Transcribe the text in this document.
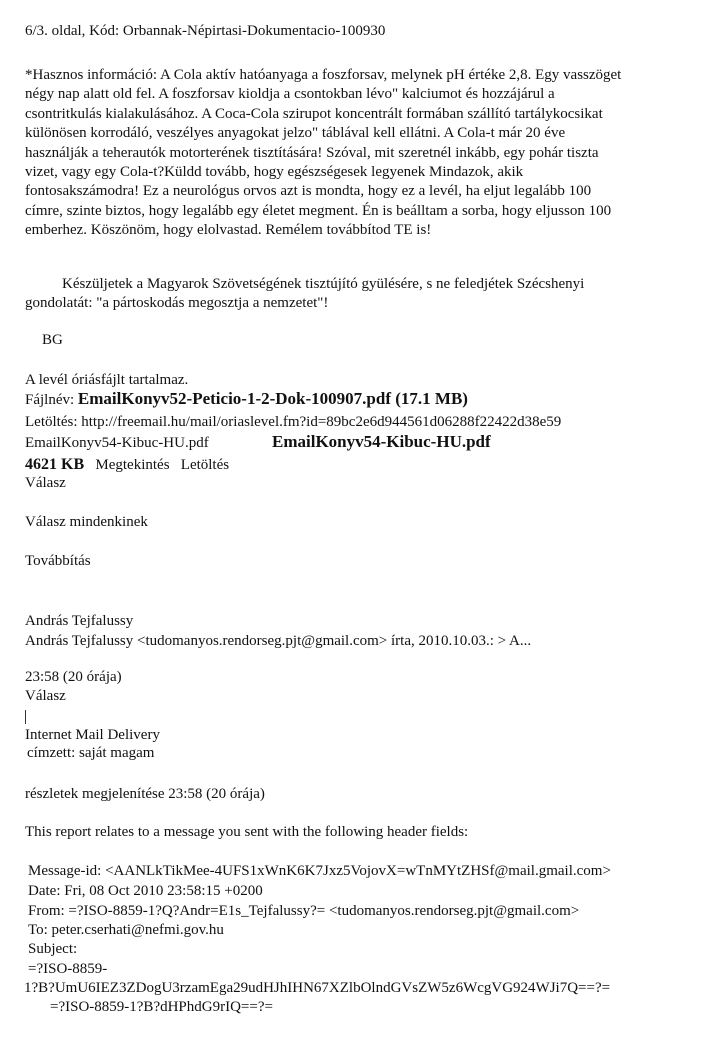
6/3. oldal, Kód: Orbannak-Népirtasi-Dokumentacio-100930
*Hasznos információ: A Cola aktív hatóanyaga a foszforsav, melynek pH értéke 2,8. Egy vasszöget
négy nap alatt old fel. A foszforsav kioldja a csontokban lévo" kalciumot és hozzájárul a
csontritkulás kialakulásához. A Coca-Cola szirupot koncentrált formában szállító tartálykocsikat
különösen korrodáló, veszélyes anyagokat jelzo" táblával kell ellátni. A Cola-t már 20 éve
használják a teherautók motorterének tisztítására! Szóval, mit szeretnél inkább, egy pohár tiszta
vizet, vagy egy Cola-t?Küldd tovább, hogy egészségesek legyenek Mindazok, akik
fontosakszámodra! Ez a neurológus orvos azt is mondta, hogy ez a levél, ha eljut legalább 100
címre, szinte biztos, hogy legalább egy életet megment. Én is beálltam a sorba, hogy eljusson 100
emberhez. Köszönöm, hogy elolvastad. Remélem továbbítod TE is!
Készüljetek a Magyarok Szövetségének tisztújító gyülésére, s ne feledjétek Szécshenyi
gondolatát: "a pártoskodás megosztja a nemzetet"!
BG
A levél óriásfájlt tartalmaz.
Fájlnév: EmailKonyv52-Peticio-1-2-Dok-100907.pdf (17.1 MB)
Letöltés: http://freemail.hu/mail/oriaslevel.fm?id=89bc2e6d944561d06288f22422d38e59
EmailKonyv54-Kibuc-HU.pdf	EmailKonyv54-Kibuc-HU.pdf
4621 KB Megtekintés Letöltés
Válasz
Válasz mindenkinek
Továbbítás
András Tejfalussy
András Tejfalussy <tudomanyos.rendorseg.pjt@gmail.com> írta, 2010.10.03.: > A...
23:58 (20 órája)
Válasz
Internet Mail Delivery
címzett: saját magam
részletek megjelenítése 23:58 (20 órája)
This report relates to a message you sent with the following header fields:
Message-id: <AANLkTikMee-4UFS1xWnK6K7Jxz5VojovX=wTnMYtZHSf@mail.gmail.com>
Date: Fri, 08 Oct 2010 23:58:15 +0200
From: =?ISO-8859-1?Q?Andr=E1s_Tejfalussy?= <tudomanyos.rendorseg.pjt@gmail.com>
To: peter.cserhati@nefmi.gov.hu
Subject:
=?ISO-8859-
1?B?UmU6IEZ3ZDogU3rzamEga29udHJhIHN67XZlbOlndGVsZW5z6WcgVG924WJi7Q==?=
=?ISO-8859-1?B?dHPhdG9rIQ==?=
